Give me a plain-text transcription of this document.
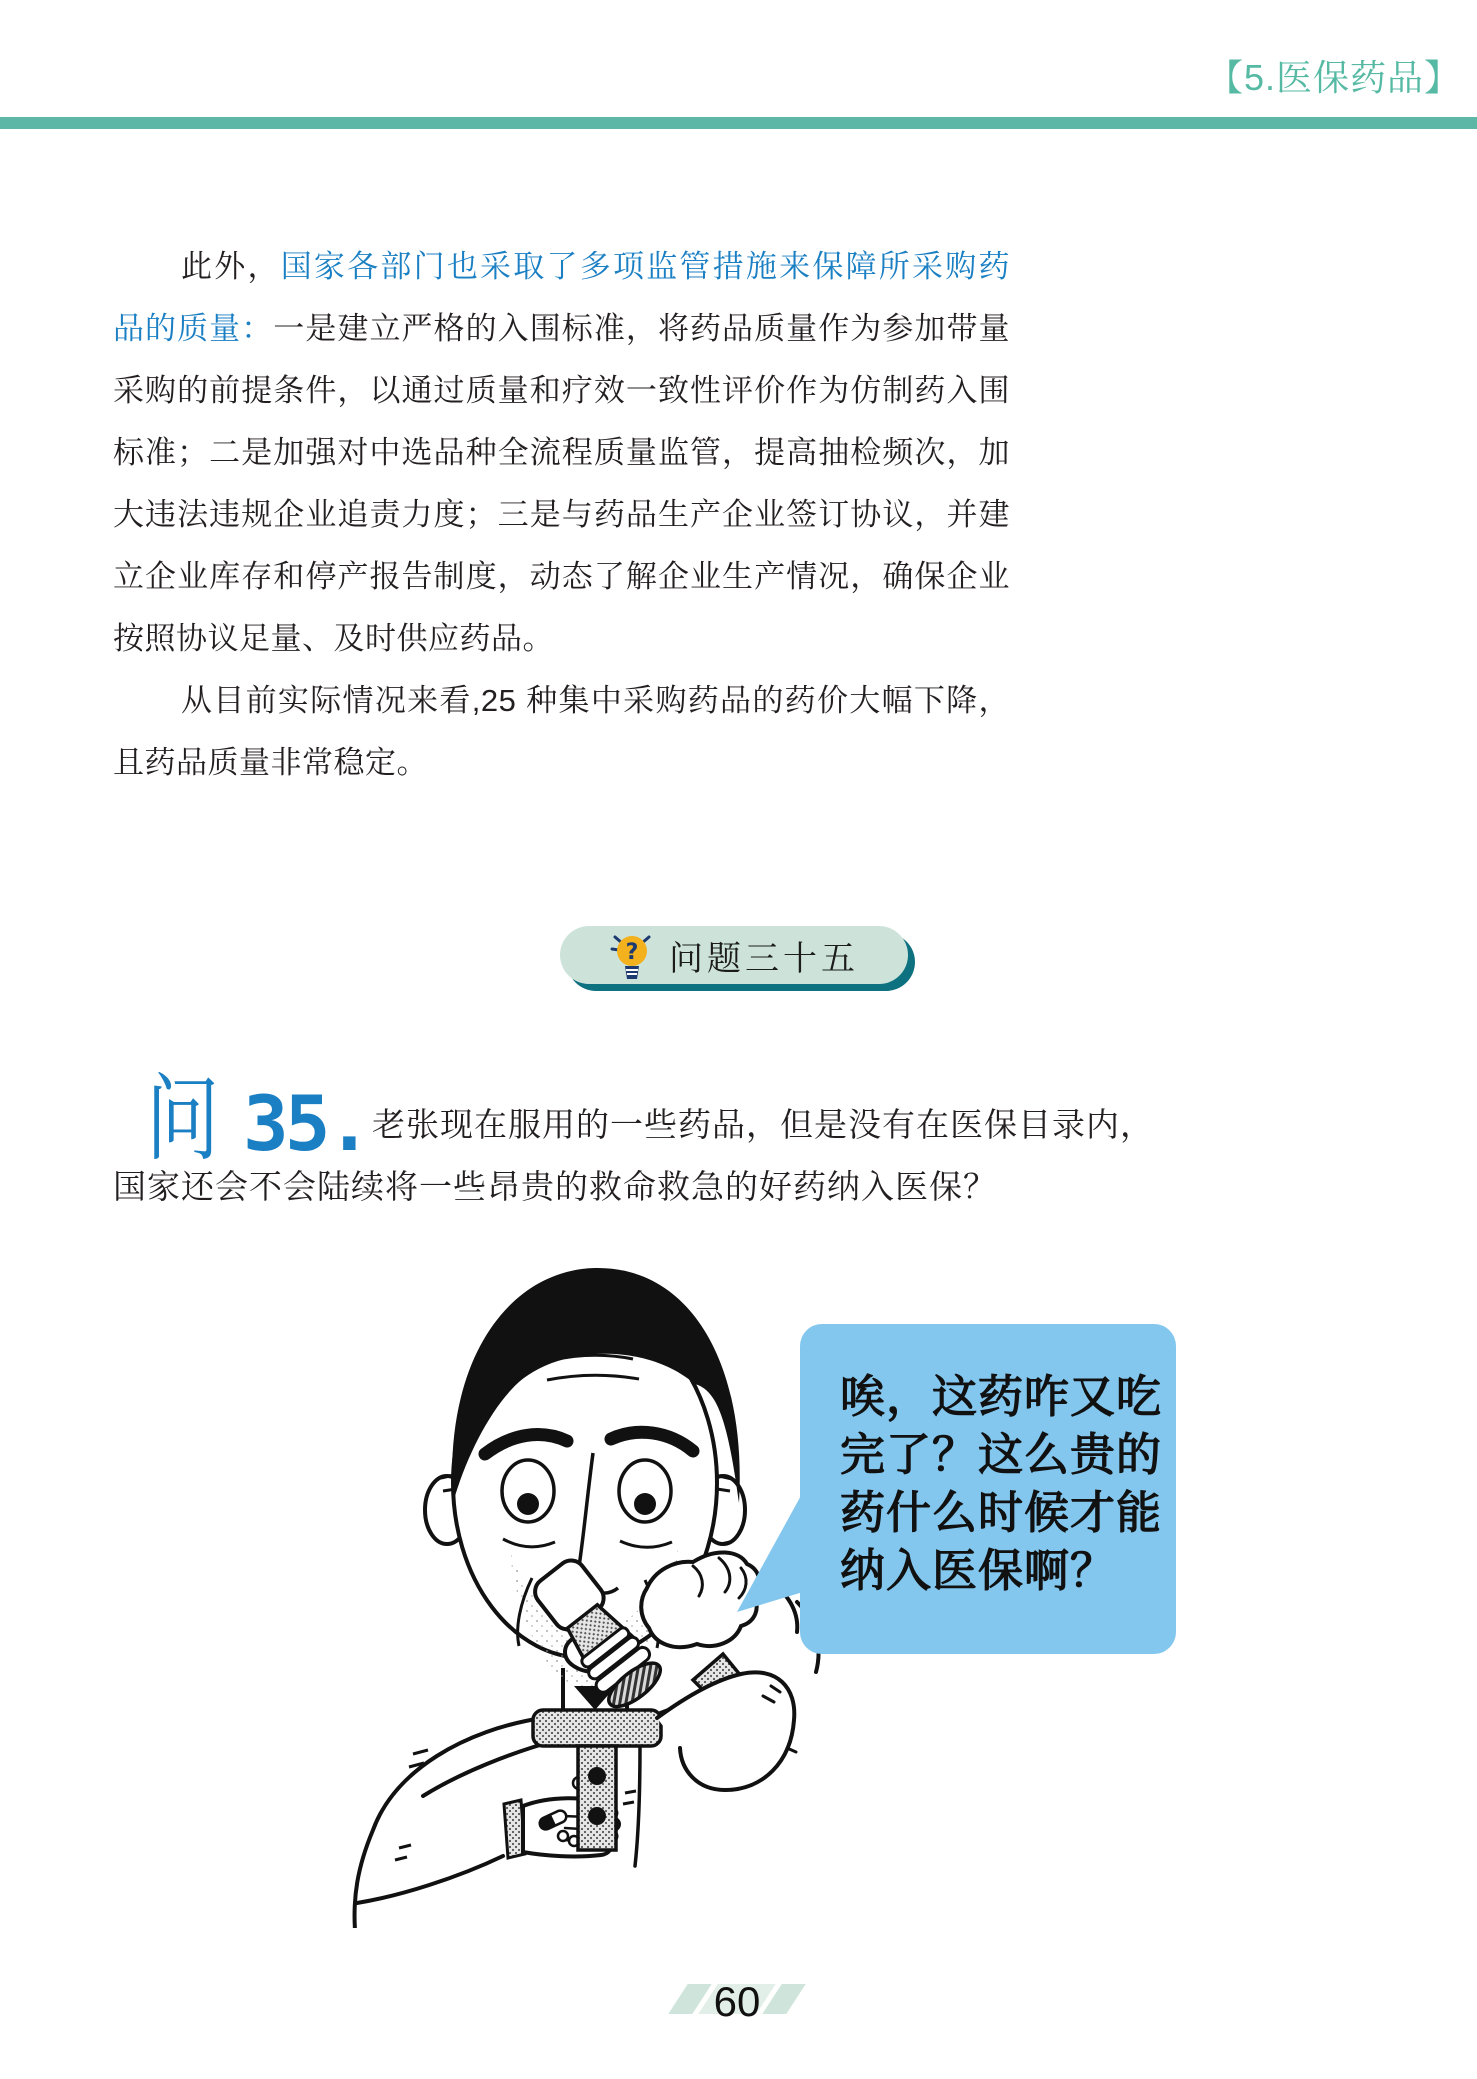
【5.医保药品】
此外，国家各部门也采取了多项监管措施来保障所采购药
品的质量：一是建立严格的入围标准，将药品质量作为参加带量
采购的前提条件，以通过质量和疗效一致性评价作为仿制药入围
标准；二是加强对中选品种全流程质量监管，提高抽检频次，加
大违法违规企业追责力度；三是与药品生产企业签订协议，并建
立企业库存和停产报告制度，动态了解企业生产情况，确保企业
按照协议足量、及时供应药品。
从目前实际情况来看,25 种集中采购药品的药价大幅下降，
且药品质量非常稳定。
? 问题三十五
问 35. 老张现在服用的一些药品，但是没有在医保目录内，
国家还会不会陆续将一些昂贵的救命救急的好药纳入医保？
唉，这药咋又吃完了？这么贵的药什么时候才能纳入医保啊？
60
